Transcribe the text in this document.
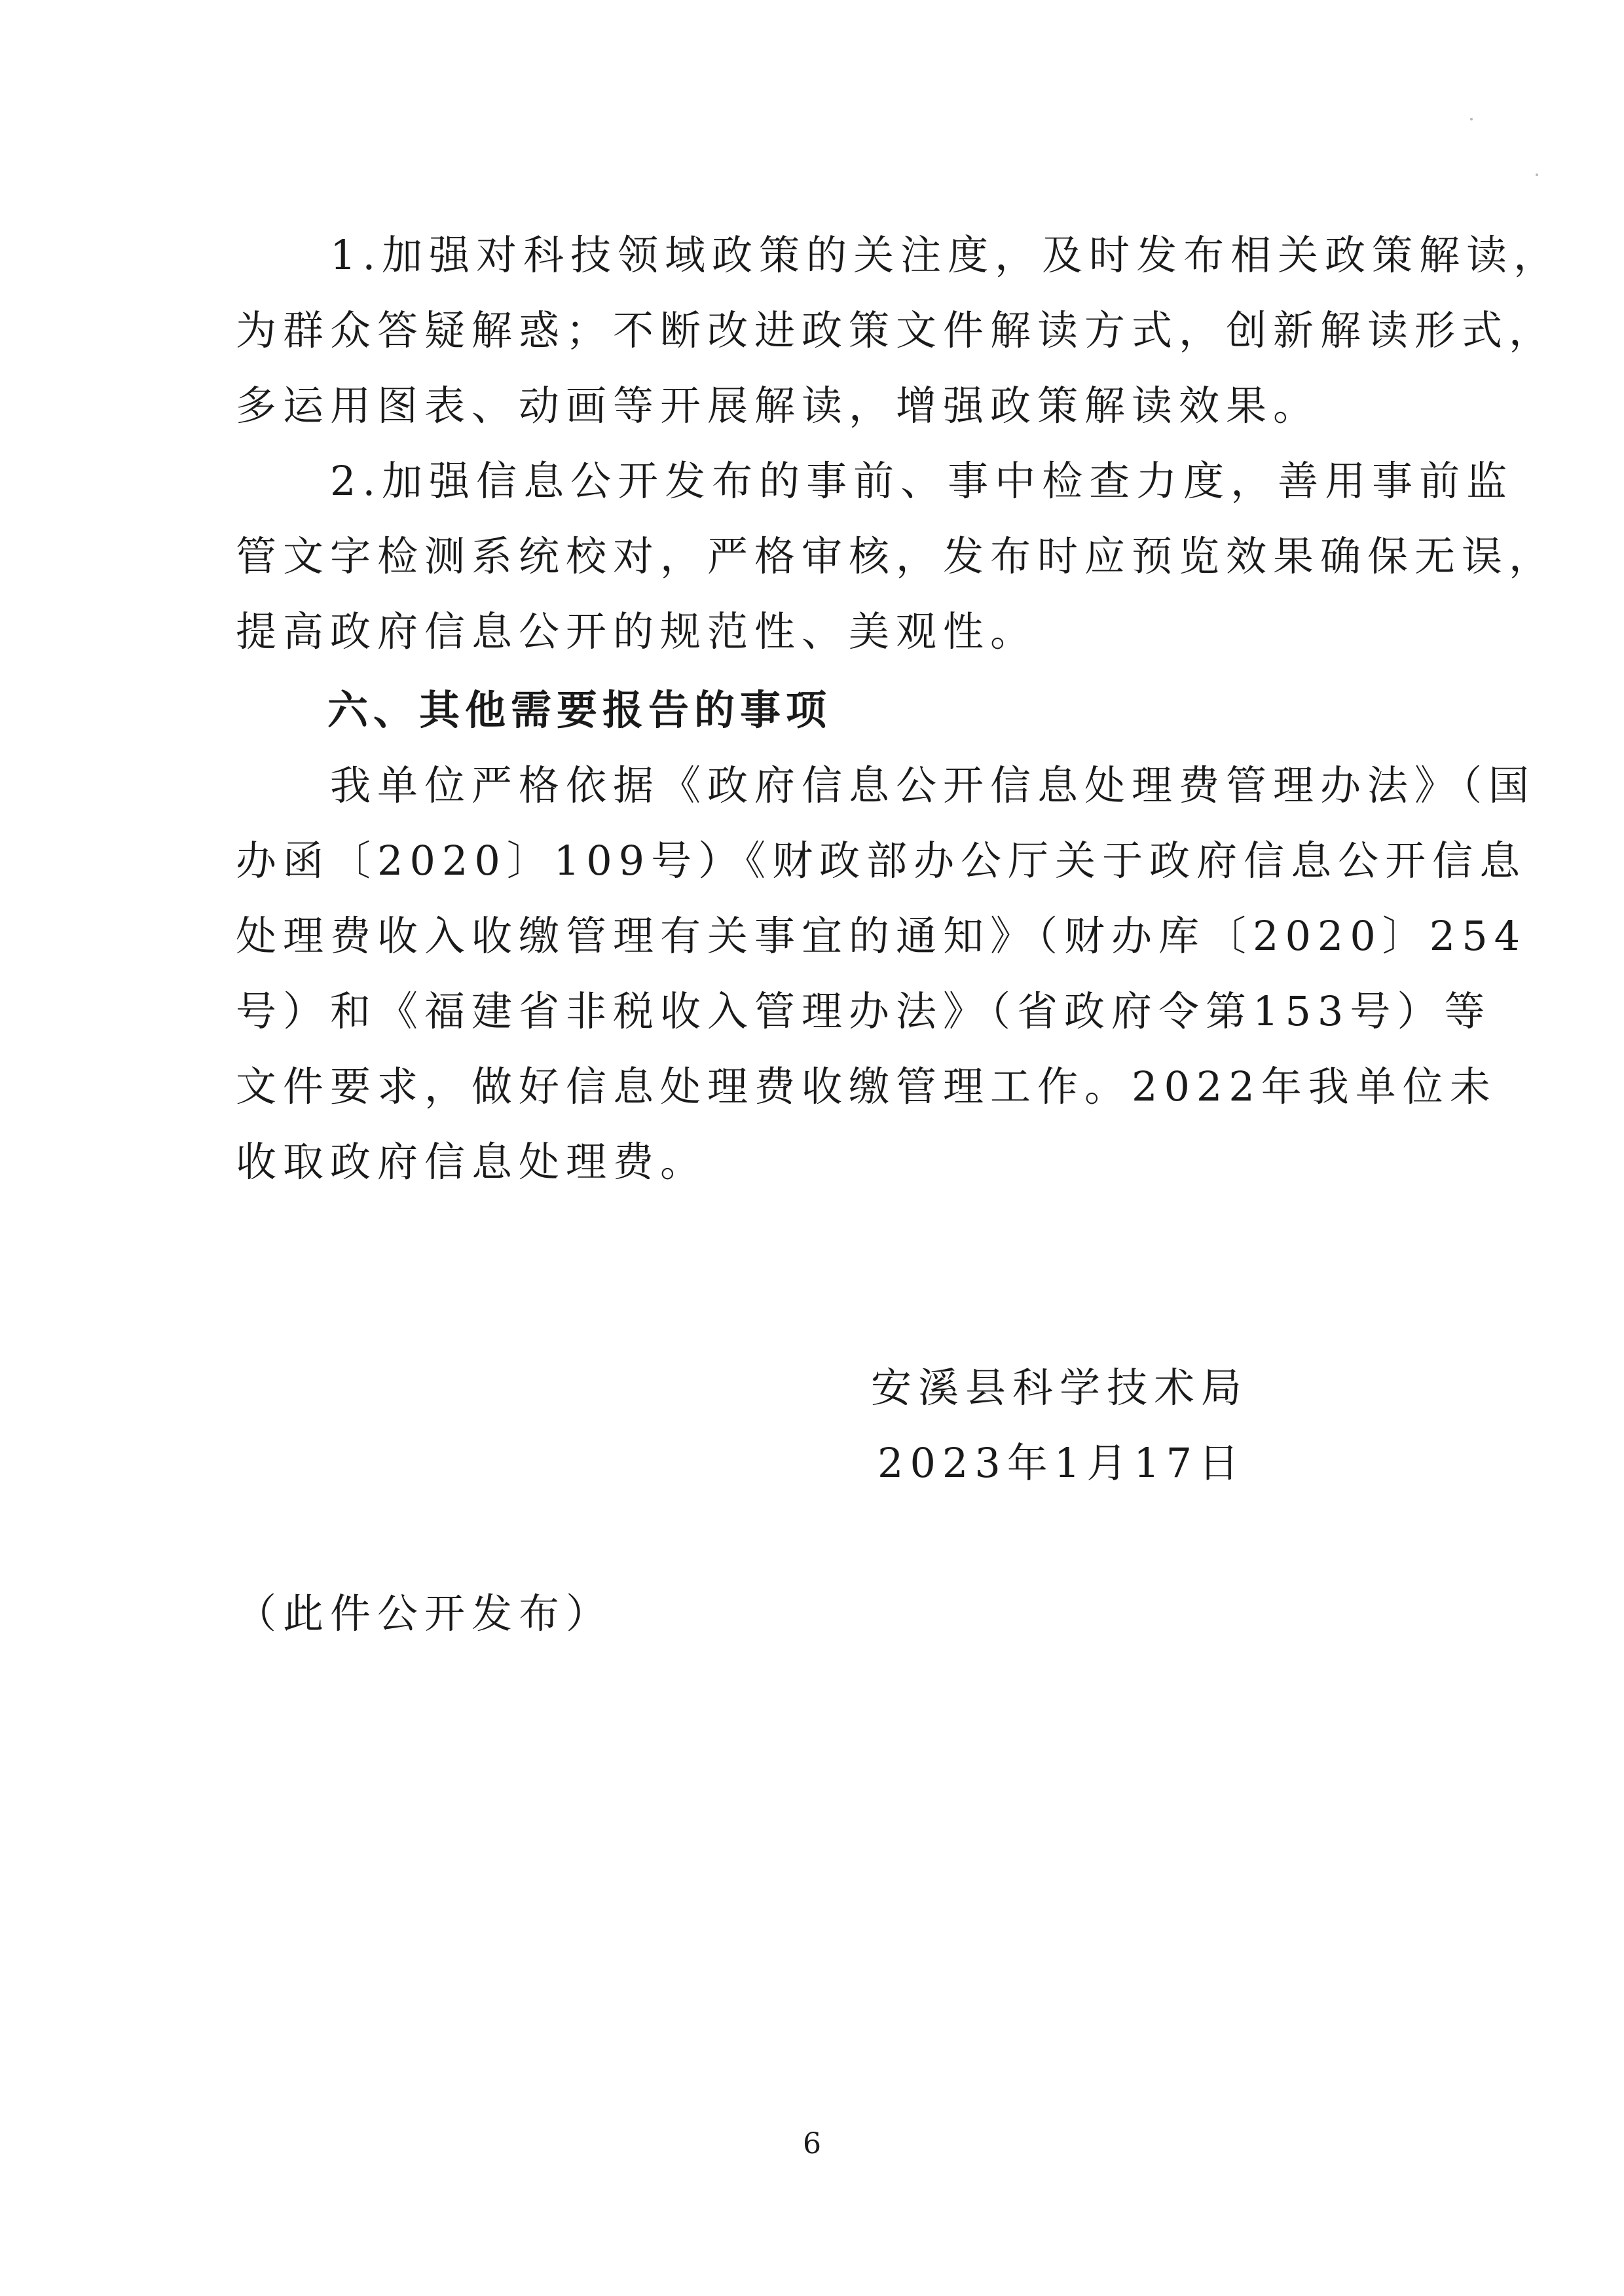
　　1.加强对科技领域政策的关注度，及时发布相关政策解读，
为群众答疑解惑；不断改进政策文件解读方式，创新解读形式，
多运用图表、动画等开展解读，增强政策解读效果。
　　2.加强信息公开发布的事前、事中检查力度，善用事前监
管文字检测系统校对，严格审核，发布时应预览效果确保无误，
提高政府信息公开的规范性、美观性。
　　六、其他需要报告的事项
　　我单位严格依据《政府信息公开信息处理费管理办法》（国
办函〔2020〕109号）《财政部办公厅关于政府信息公开信息
处理费收入收缴管理有关事宜的通知》（财办库〔2020〕254
号）和《福建省非税收入管理办法》（省政府令第153号）等
文件要求，做好信息处理费收缴管理工作。2022年我单位未
收取政府信息处理费。
安溪县科学技术局
2023年1月17日
（此件公开发布）
6
